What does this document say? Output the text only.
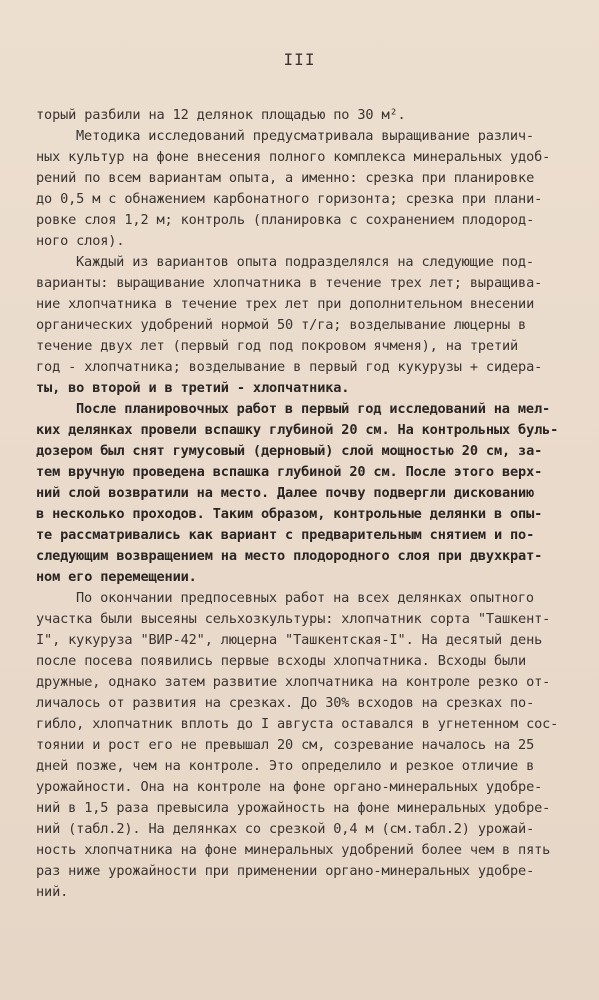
III
торый разбили на 12 делянок площадью по 30 м².
Методика исследований предусматривала выращивание различ-
ных культур на фоне внесения полного комплекса минеральных удоб-
рений по всем вариантам опыта, а именно: срезка при планировке
до 0,5 м с обнажением карбонатного горизонта; срезка при плани-
ровке слоя 1,2 м; контроль (планировка с сохранением плодород-
ного слоя).
Каждый из вариантов опыта подразделялся на следующие под-
варианты: выращивание хлопчатника в течение трех лет; выращива-
ние хлопчатника в течение трех лет при дополнительном внесении
органических удобрений нормой 50 т/га; возделывание люцерны в
течение двух лет (первый год под покровом ячменя), на третий
год - хлопчатника; возделывание в первый год кукурузы + сидера-
ты, во второй и в третий - хлопчатника.
После планировочных работ в первый год исследований на мел-
ких делянках провели вспашку глубиной 20 см. На контрольных буль-
дозером был снят гумусовый (дерновый) слой мощностью 20 см, за-
тем вручную проведена вспашка глубиной 20 см. После этого верх-
ний слой возвратили на место. Далее почву подвергли дискованию
в несколько проходов. Таким образом, контрольные делянки в опы-
те рассматривались как вариант с предварительным снятием и по-
следующим возвращением на место плодородного слоя при двухкрат-
ном его перемещении.
По окончании предпосевных работ на всех делянках опытного
участка были высеяны сельхозкультуры: хлопчатник сорта "Ташкент-
I", кукуруза "ВИР-42", люцерна "Ташкентская-I". На десятый день
после посева появились первые всходы хлопчатника. Всходы были
дружные, однако затем развитие хлопчатника на контроле резко от-
личалось от развития на срезках. До 30% всходов на срезках по-
гибло, хлопчатник вплоть до I августа оставался в угнетенном сос-
тоянии и рост его не превышал 20 см, созревание началось на 25
дней позже, чем на контроле. Это определило и резкое отличие в
урожайности. Она на контроле на фоне органо-минеральных удобре-
ний в 1,5 раза превысила урожайность на фоне минеральных удобре-
ний (табл.2). На делянках со срезкой 0,4 м (см.табл.2) урожай-
ность хлопчатника на фоне минеральных удобрений более чем в пять
раз ниже урожайности при применении органо-минеральных удобре-
ний.
